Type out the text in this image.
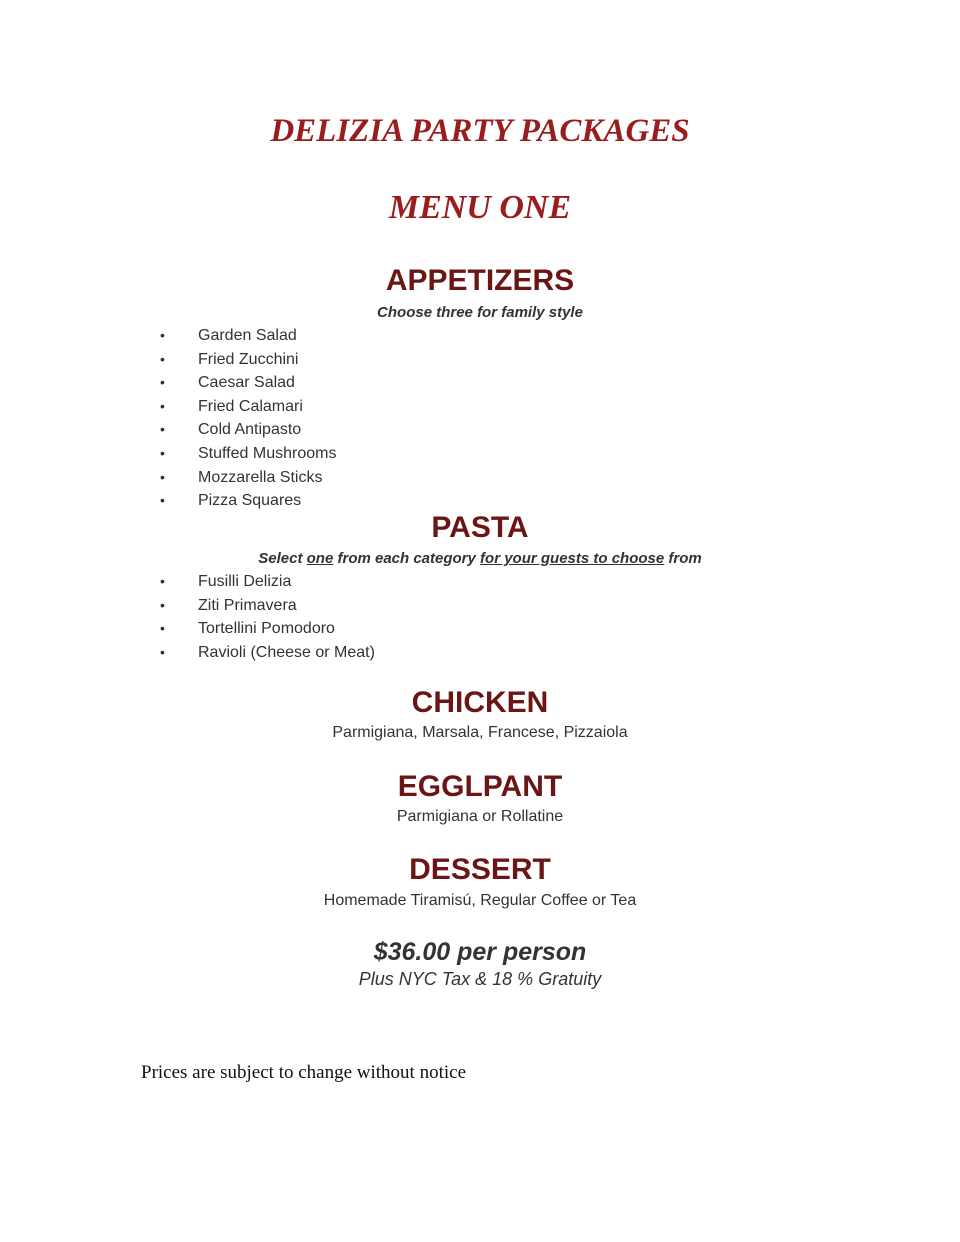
DELIZIA PARTY PACKAGES
MENU ONE
APPETIZERS
Choose three for family style
• Garden Salad
• Fried Zucchini
• Caesar Salad
• Fried Calamari
• Cold Antipasto
• Stuffed Mushrooms
• Mozzarella Sticks
• Pizza Squares
PASTA
Select one from each category for your guests to choose from
• Fusilli Delizia
• Ziti Primavera
• Tortellini Pomodoro
• Ravioli (Cheese or Meat)
CHICKEN
Parmigiana, Marsala, Francese, Pizzaiola
EGGLPANT
Parmigiana or Rollatine
DESSERT
Homemade Tiramisú, Regular Coffee or Tea
$36.00 per person
Plus NYC Tax & 18 % Gratuity
Prices are subject to change without notice
